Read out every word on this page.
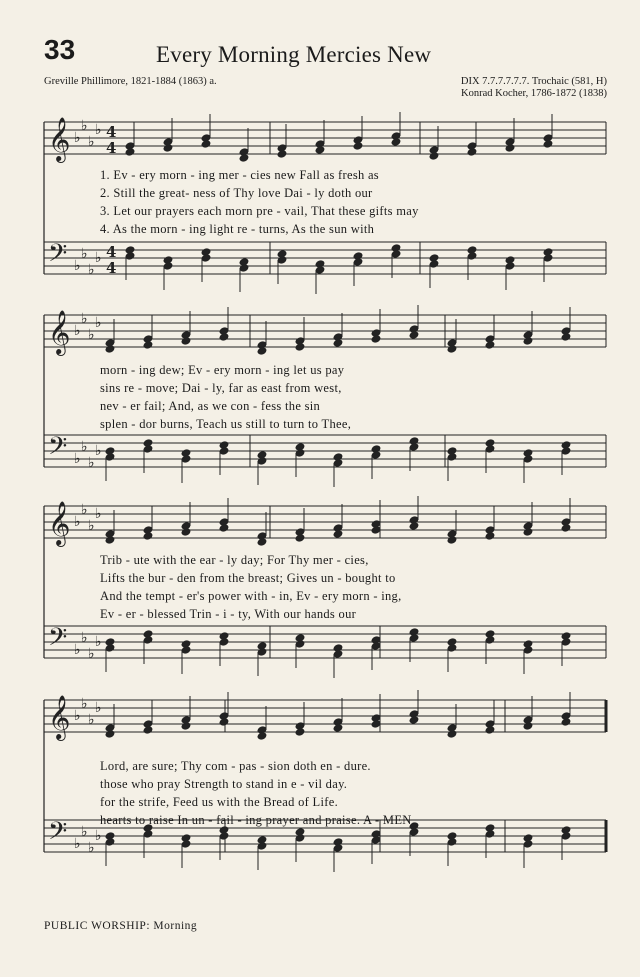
33	Every Morning Mercies New
Greville Phillimore, 1821-1884 (1863) a.	DIX 7.7.7.7.7.7. Trochaic (581, H)
Konrad Kocher, 1786-1872 (1838)
𝄞 ♭
♭
♭
♭ 4
4
𝄢 ♭
♭
♭
♭ 4
4
1. Ev - ery morn - ing mer - cies new Fall as fresh as
2. Still the great- ness of Thy love Dai - ly doth our
3. Let our prayers each morn pre - vail, That these gifts may
4. As the morn - ing light re - turns, As the sun with
𝄞 ♭
♭
♭
♭
𝄢 ♭
♭
♭
♭
morn - ing dew; Ev - ery morn - ing let us pay
sins re - move; Dai - ly, far as east from west,
nev - er fail; And, as we con - fess the sin
splen - dor burns, Teach us still to turn to Thee,
𝄞 ♭
♭
♭
♭
𝄢 ♭
♭
♭
♭
Trib - ute with the ear - ly day; For Thy mer - cies,
Lifts the bur - den from the breast; Gives un - bought to
And the tempt - er's power with - in, Ev - ery morn - ing,
Ev - er - blessed Trin - i - ty, With our hands our
𝄞 ♭
♭
♭
♭
𝄢 ♭
♭
♭
♭
Lord, are sure; Thy com - pas - sion doth en - dure.
those who pray Strength to stand in e - vil day.
for the strife, Feed us with the Bread of Life.
hearts to raise In un - fail - ing prayer and praise. A - MEN.
PUBLIC WORSHIP: Morning
